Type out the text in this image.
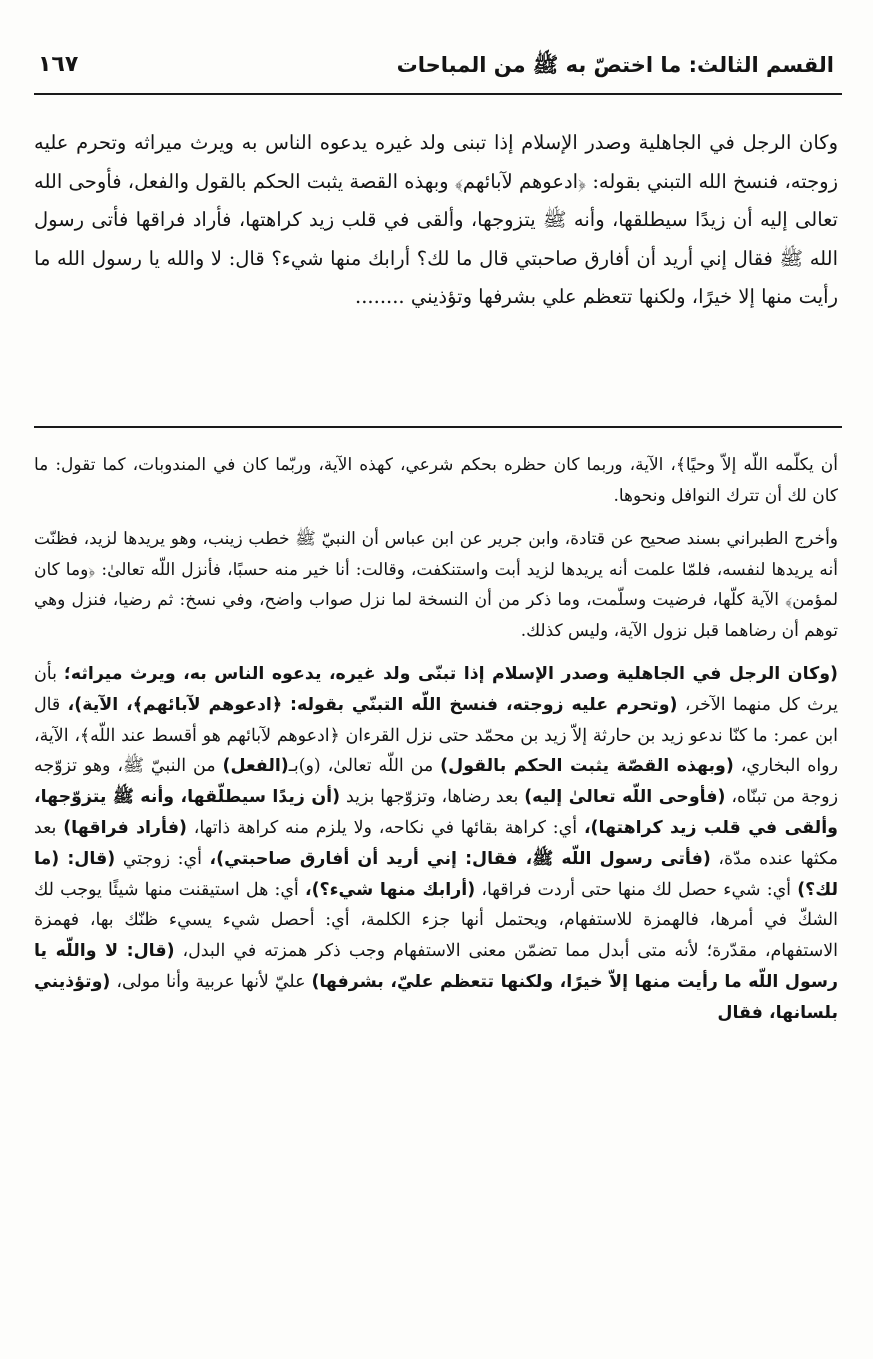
القسم الثالث: ما اختصّ به ﷺ من المباحات
١٦٧

وكان الرجل في الجاهلية وصدر الإسلام إذا تبنى ولد غيره يدعوه الناس به ويرث ميراثه وتحرم عليه زوجته، فنسخ الله التبني بقوله: ﴿ادعوهم لآبائهم﴾ وبهذه القصة يثبت الحكم بالقول والفعل، فأوحى الله تعالى إليه أن زيدًا سيطلقها، وأنه ﷺ يتزوجها، وألقى في قلب زيد كراهتها، فأراد فراقها فأتى رسول الله ﷺ فقال إني أريد أن أفارق صاحبتي قال ما لك؟ أرابك منها شيء؟ قال: لا والله يا رسول الله ما رأيت منها إلا خيرًا، ولكنها تتعظم علي بشرفها وتؤذيني ........

أن يكلّمه اللّه إلاّ وحيًا﴾، الآية، وربما كان حظره بحكم شرعي، كهذه الآية، وربّما كان في المندوبات، كما تقول: ما كان لك أن تترك النوافل ونحوها.

وأخرج الطبراني بسند صحيح عن قتادة، وابن جرير عن ابن عباس أن النبيّ ﷺ خطب زينب، وهو يريدها لزيد، فظنّت أنه يريدها لنفسه، فلمّا علمت أنه يريدها لزيد أبت واستنكفت، وقالت: أنا خير منه حسبًا، فأنزل اللّه تعالىٰ: ﴿وما كان لمؤمن﴾ الآية كلّها، فرضيت وسلّمت، وما ذكر من أن النسخة لما نزل صواب واضح، وفي نسخ: ثم رضيا، فنزل وهي توهم أن رضاهما قبل نزول الآية، وليس كذلك.

(وكان الرجل في الجاهلية وصدر الإسلام إذا تبنّى ولد غيره، يدعوه الناس به، ويرث ميراثه؛ بأن يرث كل منهما الآخر، (وتحرم عليه زوجته، فنسخ اللّه التبنّي بقوله: ﴿ادعوهم لآبائهم﴾، الآية)، قال ابن عمر: ما كنّا ندعو زيد بن حارثة إلاّ زيد بن محمّد حتى نزل القرءان ﴿ادعوهم لآبائهم هو أقسط عند اللّه﴾، الآية، رواه البخاري، (وبهذه القصّة يثبت الحكم بالقول) من اللّه تعالىٰ، (و)بـ(الفعل) من النبيّ ﷺ، وهو تزوّجه زوجة من تبنّاه، (فأوحى اللّه تعالىٰ إليه) بعد رضاها، وتزوّجها بزيد (أن زيدًا سيطلّقها، وأنه ﷺ يتزوّجها، وألقى في قلب زيد كراهتها)، أي: كراهة بقائها في نكاحه، ولا يلزم منه كراهة ذاتها، (فأراد فراقها) بعد مكثها عنده مدّة، (فأتى رسول اللّه ﷺ، فقال: إني أريد أن أفارق صاحبتي)، أي: زوجتي (قال: (ما لك؟) أي: شيء حصل لك منها حتى أردت فراقها، (أرابك منها شيء؟)، أي: هل استيقنت منها شيئًا يوجب لك الشكّ في أمرها، فالهمزة للاستفهام، ويحتمل أنها جزء الكلمة، أي: أحصل شيء يسيء ظنّك بها، فهمزة الاستفهام، مقدّرة؛ لأنه متى أبدل مما تضمّن معنى الاستفهام وجب ذكر همزته في البدل، (قال: لا واللّه يا رسول اللّه ما رأيت منها إلاّ خيرًا، ولكنها تتعظم عليّ، بشرفها) عليّ لأنها عربية وأنا مولى، (وتؤذيني بلسانها، فقال
